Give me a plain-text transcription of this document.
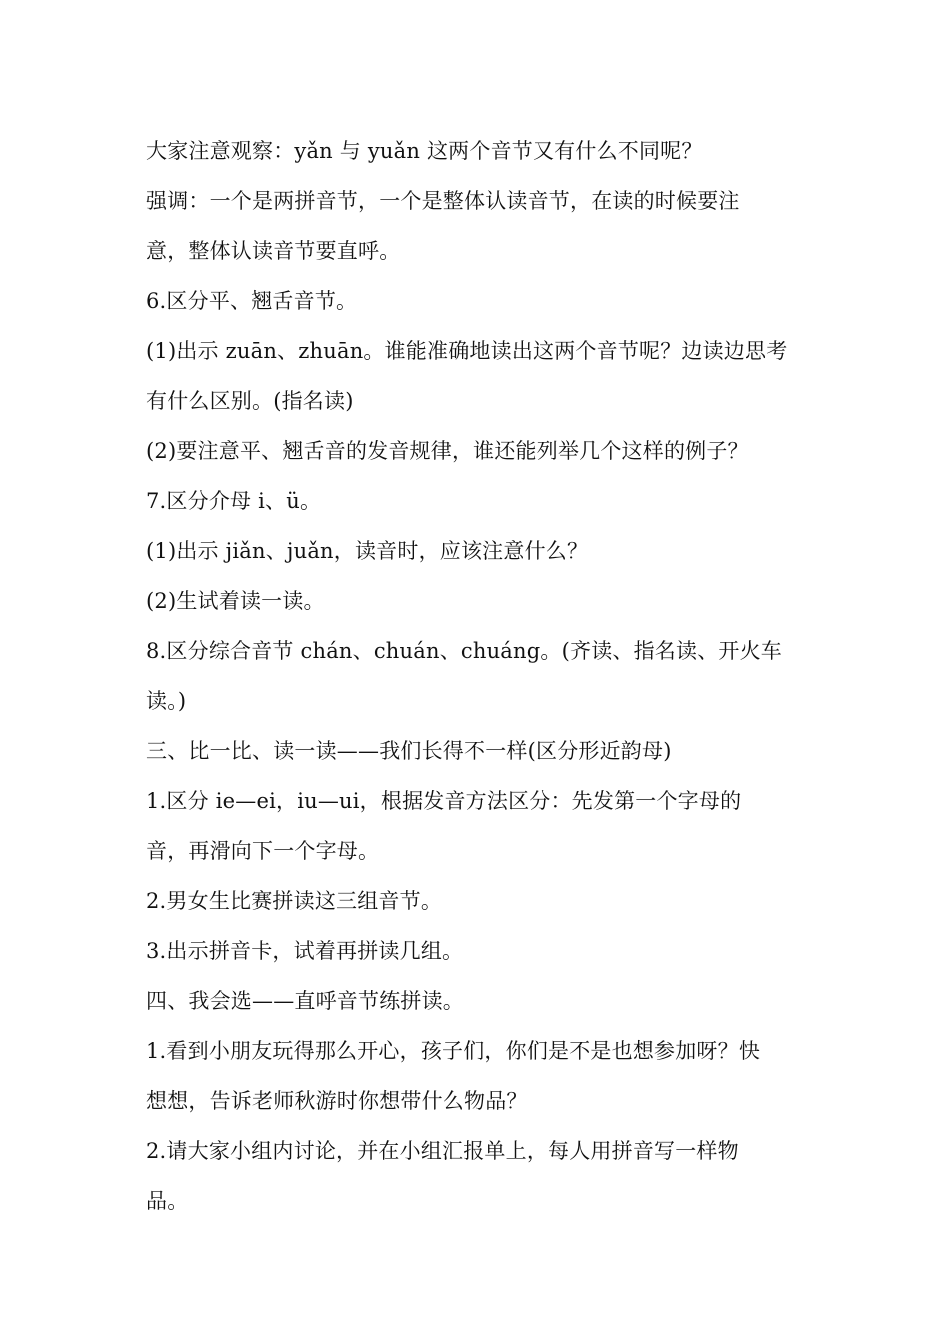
大家注意观察：yǎn 与 yuǎn 这两个音节又有什么不同呢？
强调：一个是两拼音节，一个是整体认读音节，在读的时候要注
意，整体认读音节要直呼。
6.区分平、翘舌音节。
(1)出示 zuān、zhuān。谁能准确地读出这两个音节呢？边读边思考
有什么区别。(指名读)
(2)要注意平、翘舌音的发音规律，谁还能列举几个这样的例子？
7.区分介母 i、ü。
(1)出示 jiǎn、juǎn，读音时，应该注意什么？
(2)生试着读一读。
8.区分综合音节 chán、chuán、chuáng。(齐读、指名读、开火车
读。)
三、比一比、读一读——我们长得不一样(区分形近韵母)
1.区分 ie—ei，iu—ui，根据发音方法区分：先发第一个字母的
音，再滑向下一个字母。
2.男女生比赛拼读这三组音节。
3.出示拼音卡，试着再拼读几组。
四、我会选——直呼音节练拼读。
1.看到小朋友玩得那么开心，孩子们，你们是不是也想参加呀？快
想想，告诉老师秋游时你想带什么物品？
2.请大家小组内讨论，并在小组汇报单上，每人用拼音写一样物
品。
